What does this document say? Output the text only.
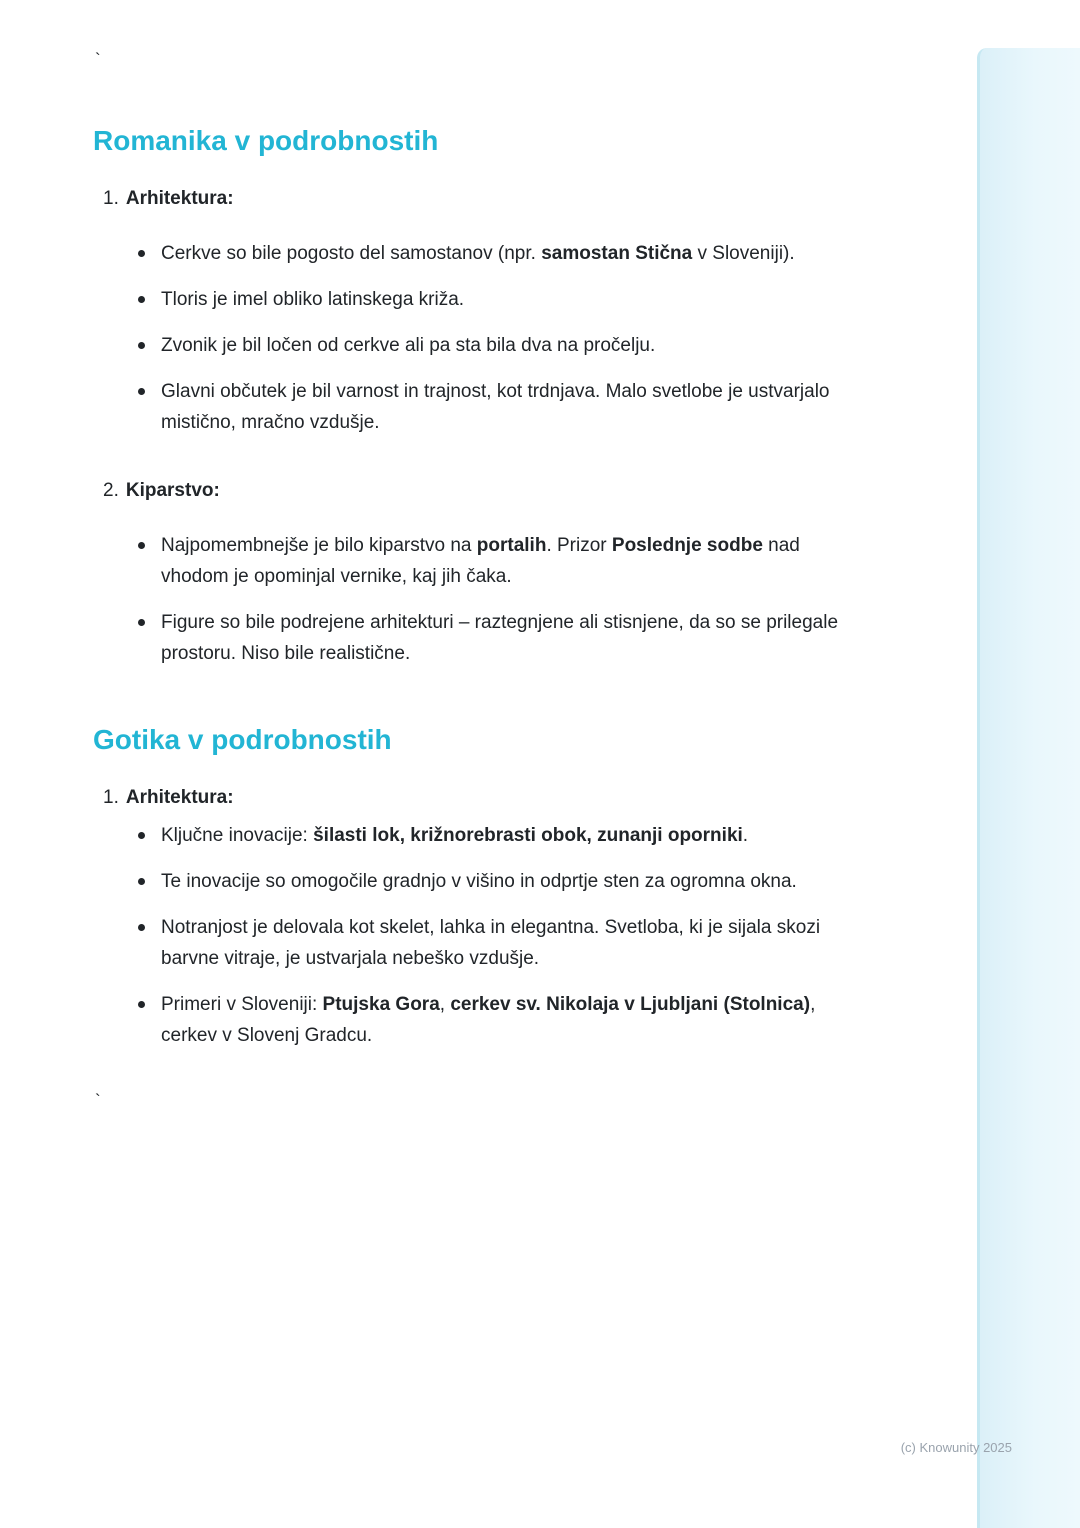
`
Romanika v podrobnostih
1. Arhitektura:
Cerkve so bile pogosto del samostanov (npr. samostan Stična v Sloveniji).
Tloris je imel obliko latinskega križa.
Zvonik je bil ločen od cerkve ali pa sta bila dva na pročelju.
Glavni občutek je bil varnost in trajnost, kot trdnjava. Malo svetlobe je ustvarjalo mistično, mračno vzdušje.
2. Kiparstvo:
Najpomembnejše je bilo kiparstvo na portalih. Prizor Poslednje sodbe nad vhodom je opominjal vernike, kaj jih čaka.
Figure so bile podrejene arhitekturi – raztegnjene ali stisnjene, da so se prilegale prostoru. Niso bile realistične.
Gotika v podrobnostih
1. Arhitektura:
Ključne inovacije: šilasti lok, križnorebrasti obok, zunanji oporniki.
Te inovacije so omogočile gradnjo v višino in odprtje sten za ogromna okna.
Notranjost je delovala kot skelet, lahka in elegantna. Svetloba, ki je sijala skozi barvne vitraje, je ustvarjala nebeško vzdušje.
Primeri v Sloveniji: Ptujska Gora, cerkev sv. Nikolaja v Ljubljani (Stolnica), cerkev v Slovenj Gradcu.
`
(c) Knowunity 2025
